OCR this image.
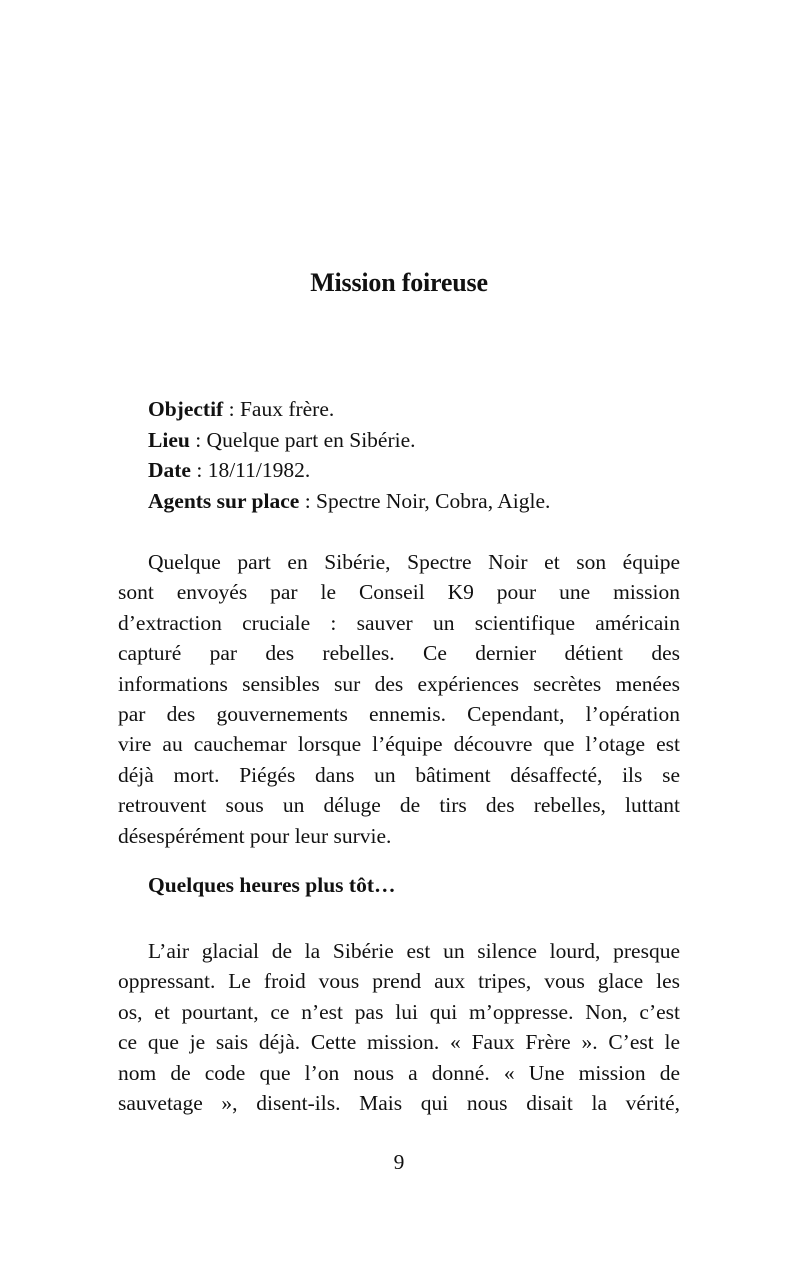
Mission foireuse
Objectif : Faux frère.
Lieu : Quelque part en Sibérie.
Date : 18/11/1982.
Agents sur place : Spectre Noir, Cobra, Aigle.
Quelque part en Sibérie, Spectre Noir et son équipe
sont envoyés par le Conseil K9 pour une mission
d’extraction cruciale : sauver un scientifique américain
capturé par des rebelles. Ce dernier détient des
informations sensibles sur des expériences secrètes menées
par des gouvernements ennemis. Cependant, l’opération
vire au cauchemar lorsque l’équipe découvre que l’otage est
déjà mort. Piégés dans un bâtiment désaffecté, ils se
retrouvent sous un déluge de tirs des rebelles, luttant
désespérément pour leur survie.
Quelques heures plus tôt…
L’air glacial de la Sibérie est un silence lourd, presque
oppressant. Le froid vous prend aux tripes, vous glace les
os, et pourtant, ce n’est pas lui qui m’oppresse. Non, c’est
ce que je sais déjà. Cette mission. « Faux Frère ». C’est le
nom de code que l’on nous a donné. « Une mission de
sauvetage », disent-ils. Mais qui nous disait la vérité,
9
